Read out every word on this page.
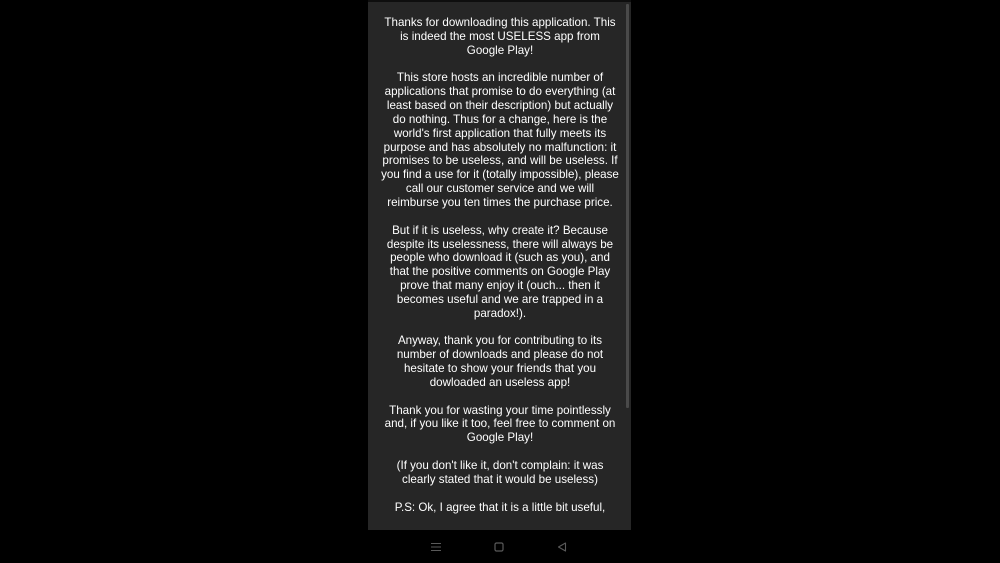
Thanks for downloading this application. This is indeed the most USELESS app from Google Play!

This store hosts an incredible number of applications that promise to do everything (at least based on their description) but actually do nothing. Thus for a change, here is the world's first application that fully meets its purpose and has absolutely no malfunction: it promises to be useless, and will be useless. If you find a use for it (totally impossible), please call our customer service and we will reimburse you ten times the purchase price.

But if it is useless, why create it? Because despite its uselessness, there will always be people who download it (such as you), and that the positive comments on Google Play prove that many enjoy it (ouch... then it becomes useful and we are trapped in a paradox!).

Anyway, thank you for contributing to its number of downloads and please do not hesitate to show your friends that you dowloaded an useless app!

Thank you for wasting your time pointlessly and, if you like it too, feel free to comment on Google Play!

(If you don't like it, don't complain: it was clearly stated that it would be useless)

P.S: Ok, I agree that it is a little bit useful,
